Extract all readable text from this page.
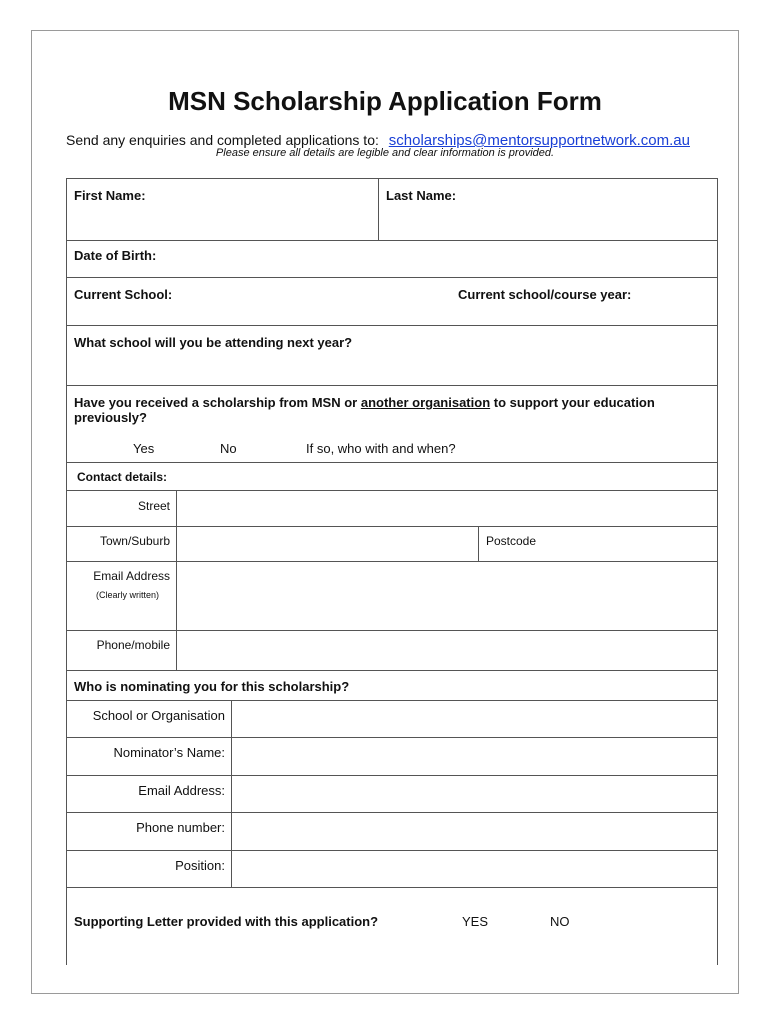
MSN Scholarship Application Form
Send any enquiries and completed applications to: scholarships@mentorsupportnetwork.com.au
Please ensure all details are legible and clear information is provided.
First Name:	Last Name:
Date of Birth:
Current School:	Current school/course year:
What school will you be attending next year?
Have you received a scholarship from MSN or another organisation to support your education
previously?
Yes	No	If so, who with and when?
Contact details:
Street
Town/Suburb	Postcode
Email Address
(Clearly written)
Phone/mobile
Who is nominating you for this scholarship?
School or Organisation
Nominator’s Name:
Email Address:
Phone number:
Position:
Supporting Letter provided with this application?	YES	NO
